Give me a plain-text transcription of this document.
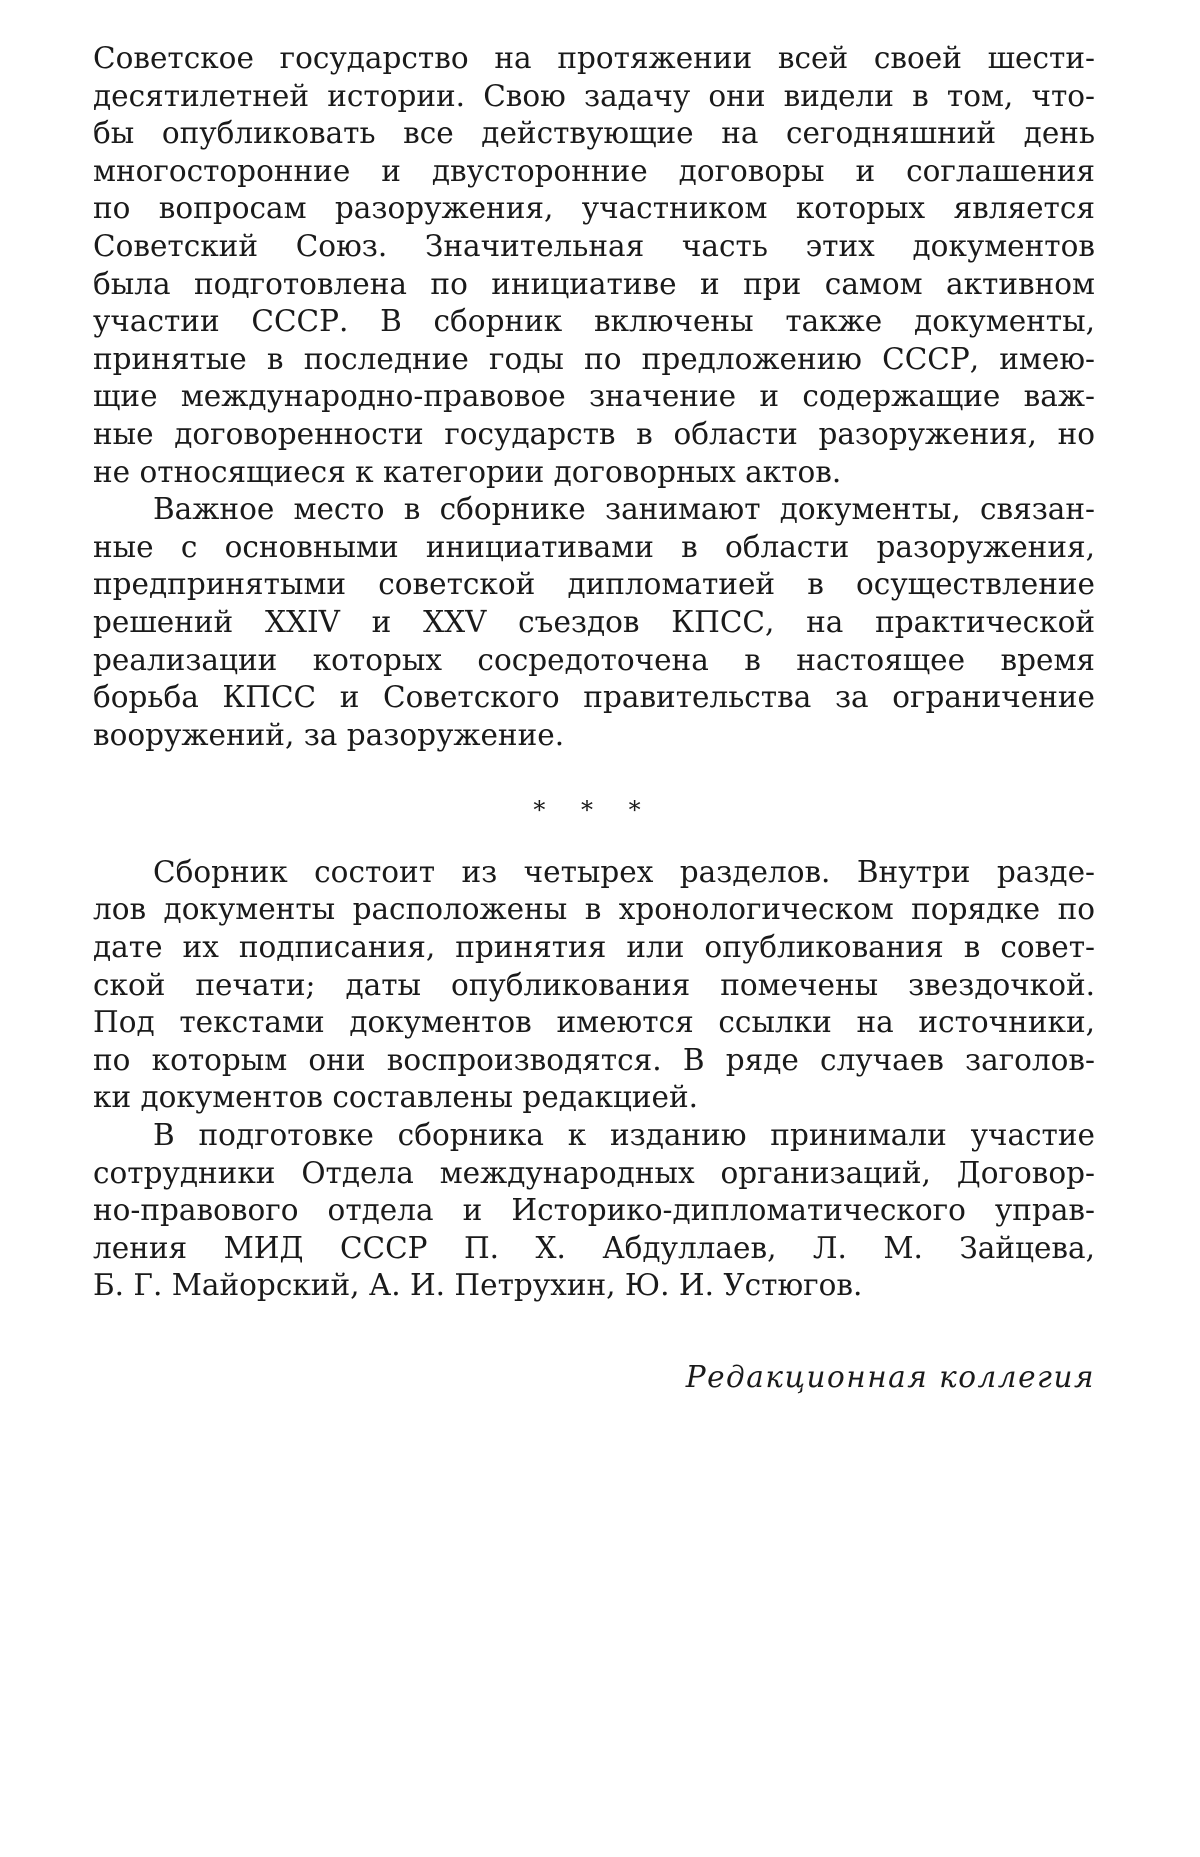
Советское государство на протяжении всей своей шести-
десятилетней истории. Свою задачу они видели в том, что-
бы опубликовать все действующие на сегодняшний день
многосторонние и двусторонние договоры и соглашения
по вопросам разоружения, участником которых является
Советский Союз. Значительная часть этих документов
была подготовлена по инициативе и при самом активном
участии СССР. В сборник включены также документы,
принятые в последние годы по предложению СССР, имею-
щие международно-правовое значение и содержащие важ-
ные договоренности государств в области разоружения, но
не относящиеся к категории договорных актов.
Важное место в сборнике занимают документы, связан-
ные с основными инициативами в области разоружения,
предпринятыми советской дипломатией в осуществление
решений XXIV и XXV съездов КПСС, на практической
реализации которых сосредоточена в настоящее время
борьба КПСС и Советского правительства за ограничение
вооружений, за разоружение.
* * *
Сборник состоит из четырех разделов. Внутри разде-
лов документы расположены в хронологическом порядке по
дате их подписания, принятия или опубликования в совет-
ской печати; даты опубликования помечены звездочкой.
Под текстами документов имеются ссылки на источники,
по которым они воспроизводятся. В ряде случаев заголов-
ки документов составлены редакцией.
В подготовке сборника к изданию принимали участие
сотрудники Отдела международных организаций, Договор-
но-правового отдела и Историко-дипломатического управ-
ления МИД СССР П. Х. Абдуллаев, Л. М. Зайцева,
Б. Г. Майорский, А. И. Петрухин, Ю. И. Устюгов.
Редакционная коллегия
